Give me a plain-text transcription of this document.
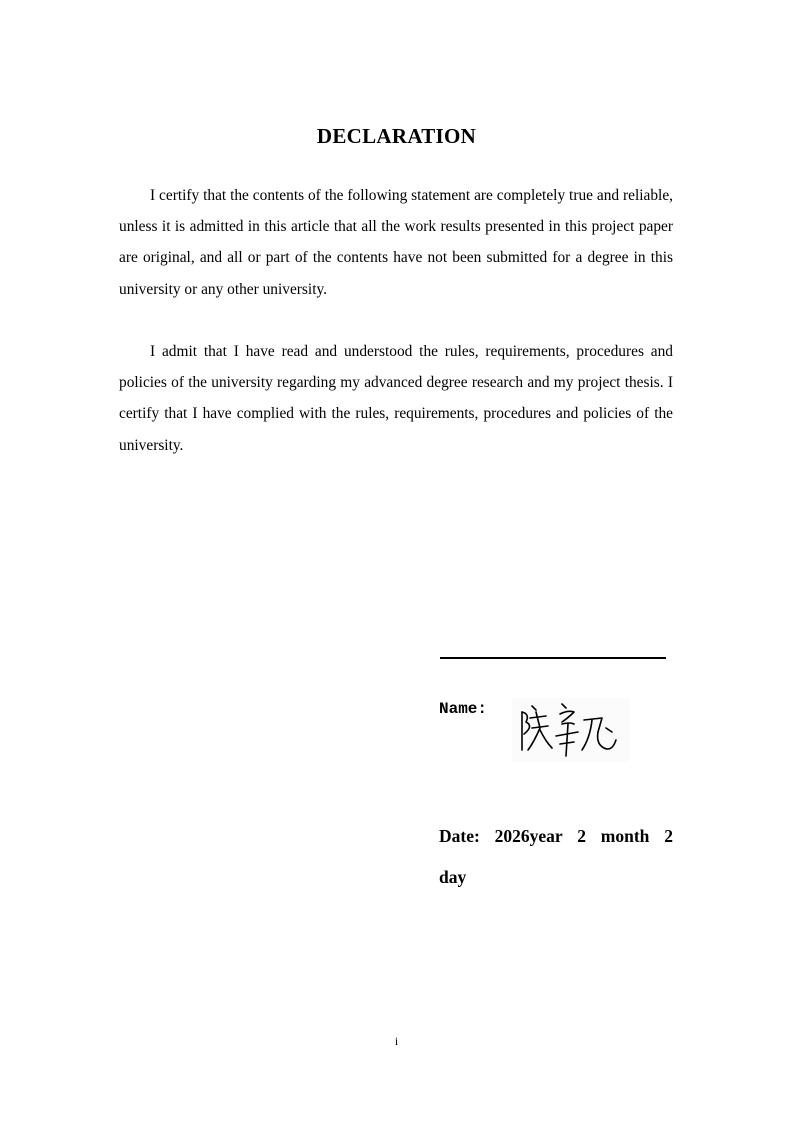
DECLARATION

I certify that the contents of the following statement are completely true and reliable, unless it is admitted in this article that all the work results presented in this project paper are original, and all or part of the contents have not been submitted for a degree in this university or any other university.

I admit that I have read and understood the rules, requirements, procedures and policies of the university regarding my advanced degree research and my project thesis. I certify that I have complied with the rules, requirements, procedures and policies of the university.

Name:
Date: 2026year 2 month 2
day
i
